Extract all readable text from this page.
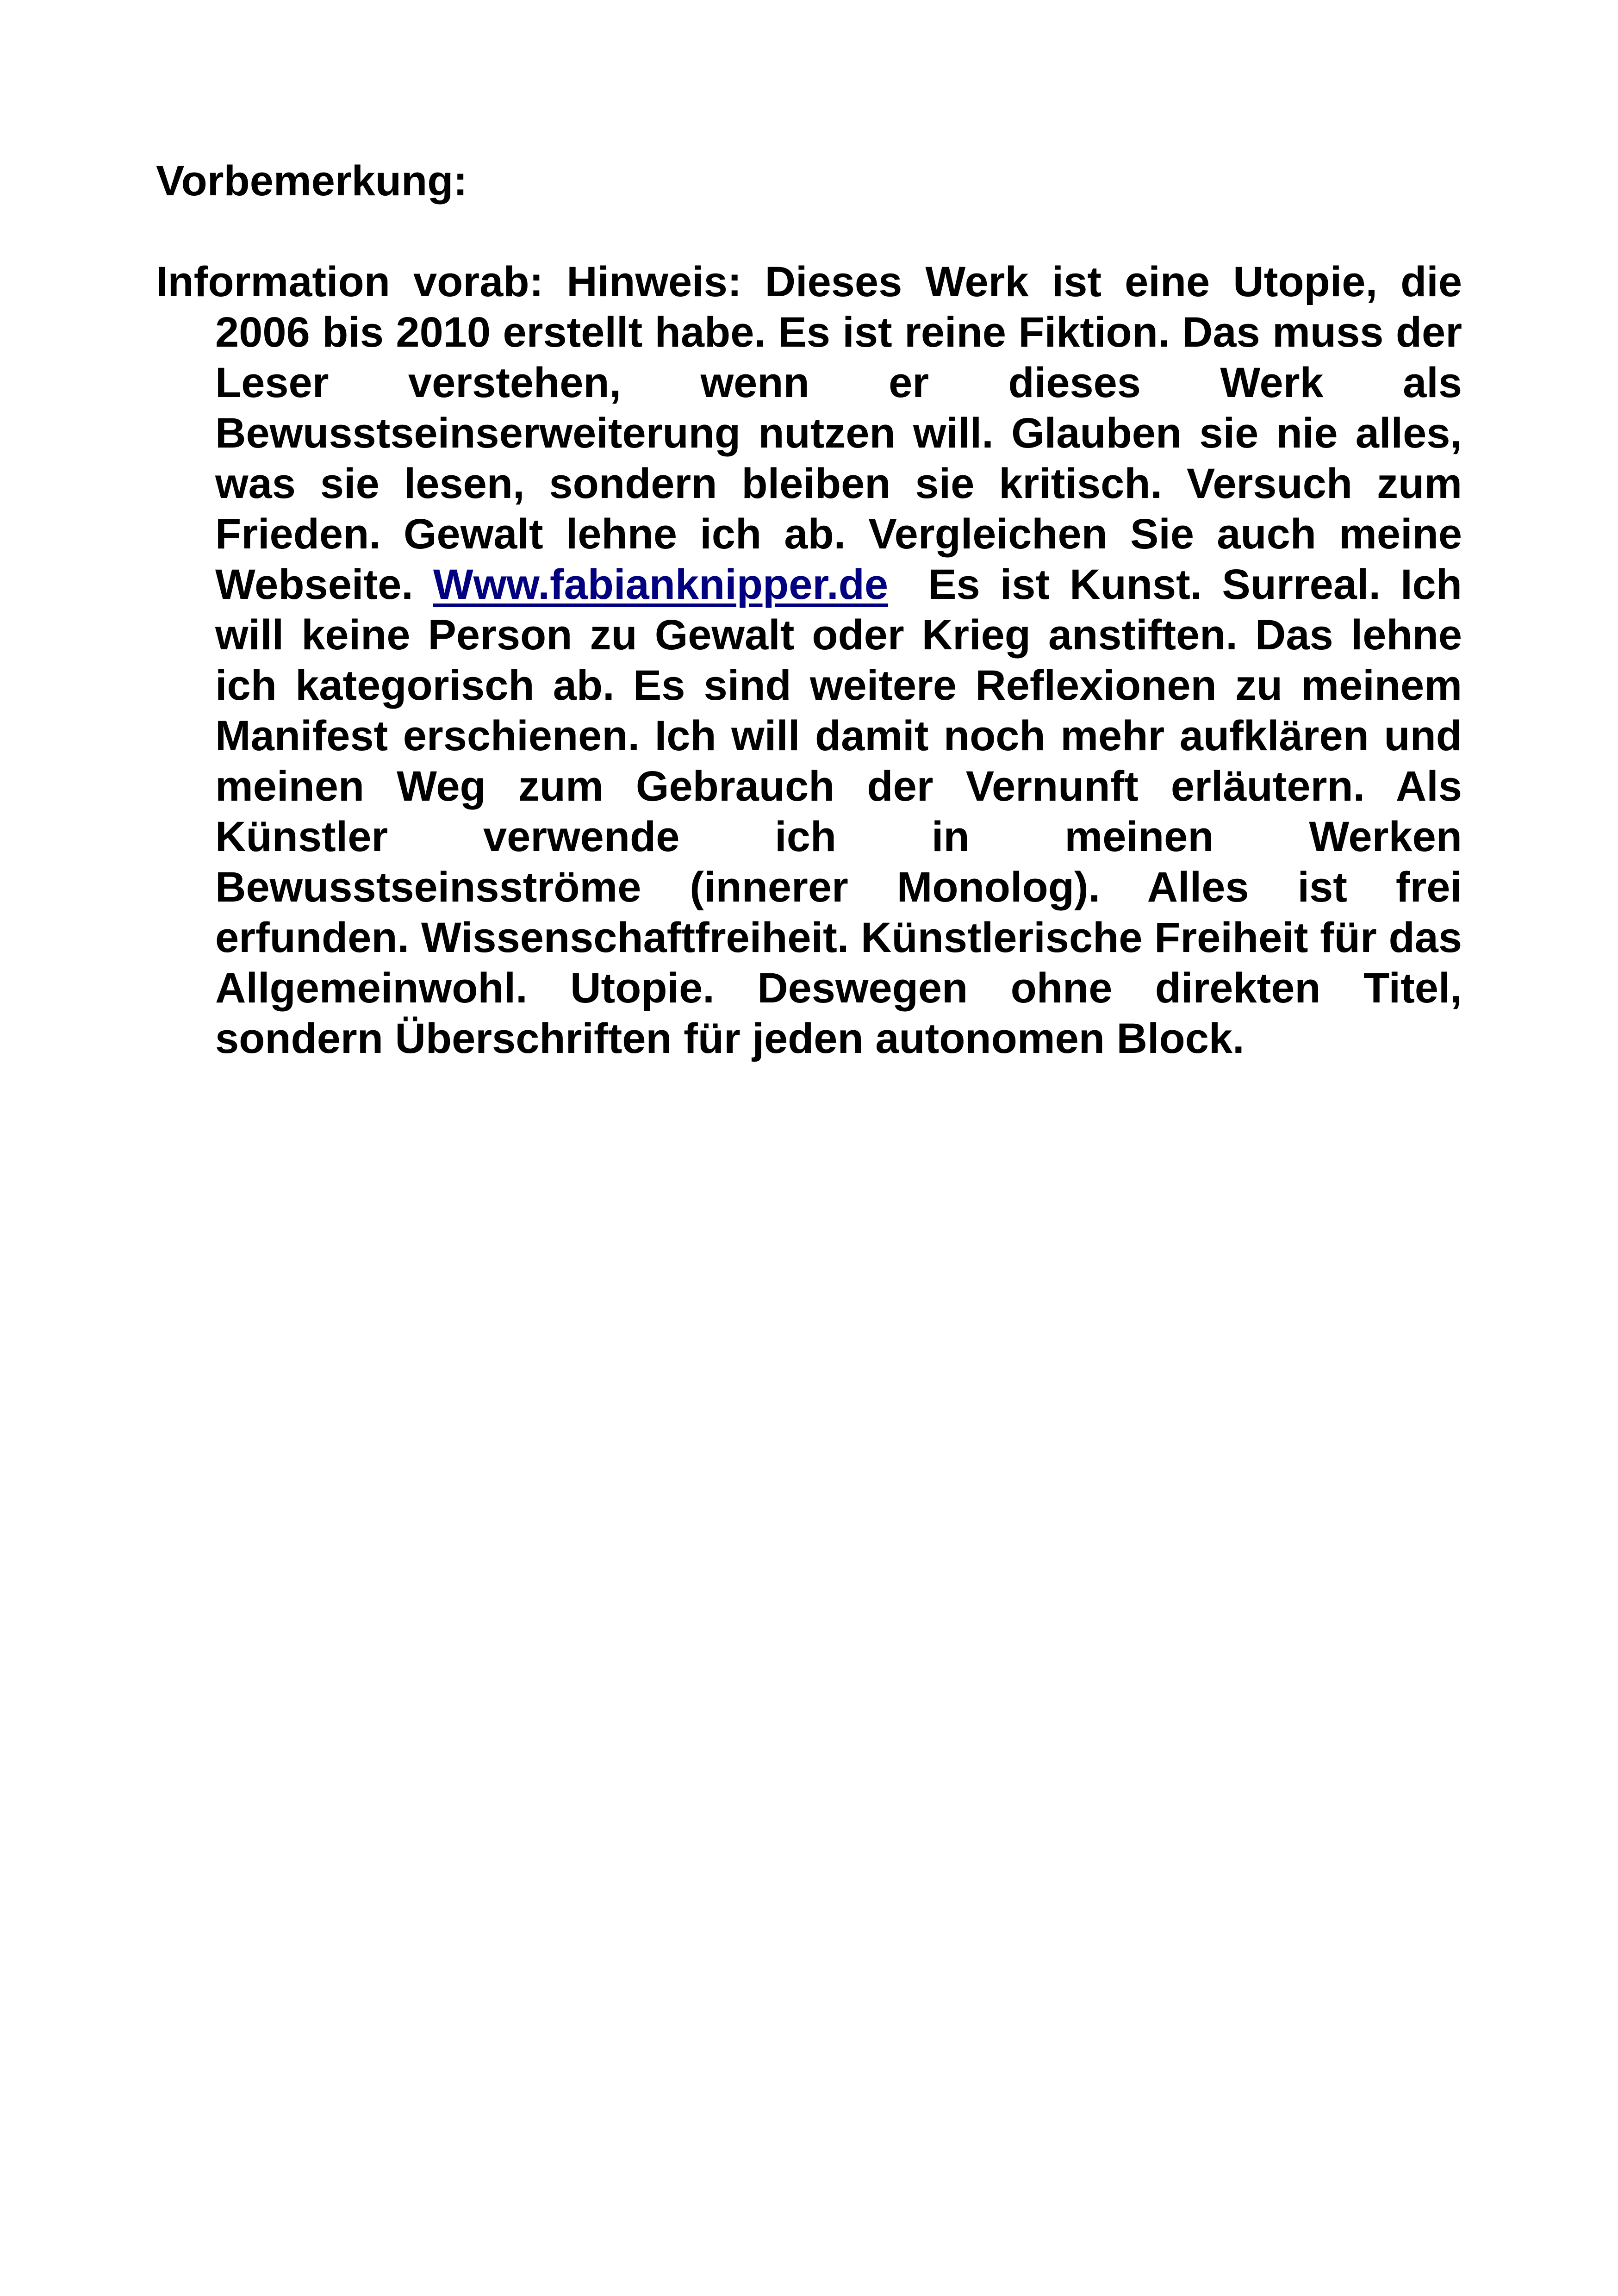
Vorbemerkung:

Information vorab: Hinweis: Dieses Werk ist eine Utopie, die 2006 bis 2010 erstellt habe. Es ist reine Fiktion. Das muss der Leser verstehen, wenn er dieses Werk als Bewusstseinserweiterung nutzen will. Glauben sie nie alles, was sie lesen, sondern bleiben sie kritisch. Versuch zum Frieden. Gewalt lehne ich ab. Vergleichen Sie auch meine Webseite. Www.fabianknipper.de  Es ist Kunst. Surreal. Ich will keine Person zu Gewalt oder Krieg anstiften. Das lehne ich kategorisch ab. Es sind weitere Reflexionen zu meinem Manifest erschienen. Ich will damit noch mehr aufklären und meinen Weg zum Gebrauch der Vernunft erläutern. Als Künstler verwende ich in meinen Werken Bewusstseinsströme (innerer Monolog). Alles ist frei erfunden. Wissenschaftfreiheit. Künstlerische Freiheit für das Allgemeinwohl. Utopie. Deswegen ohne direkten Titel, sondern Überschriften für jeden autonomen Block.
